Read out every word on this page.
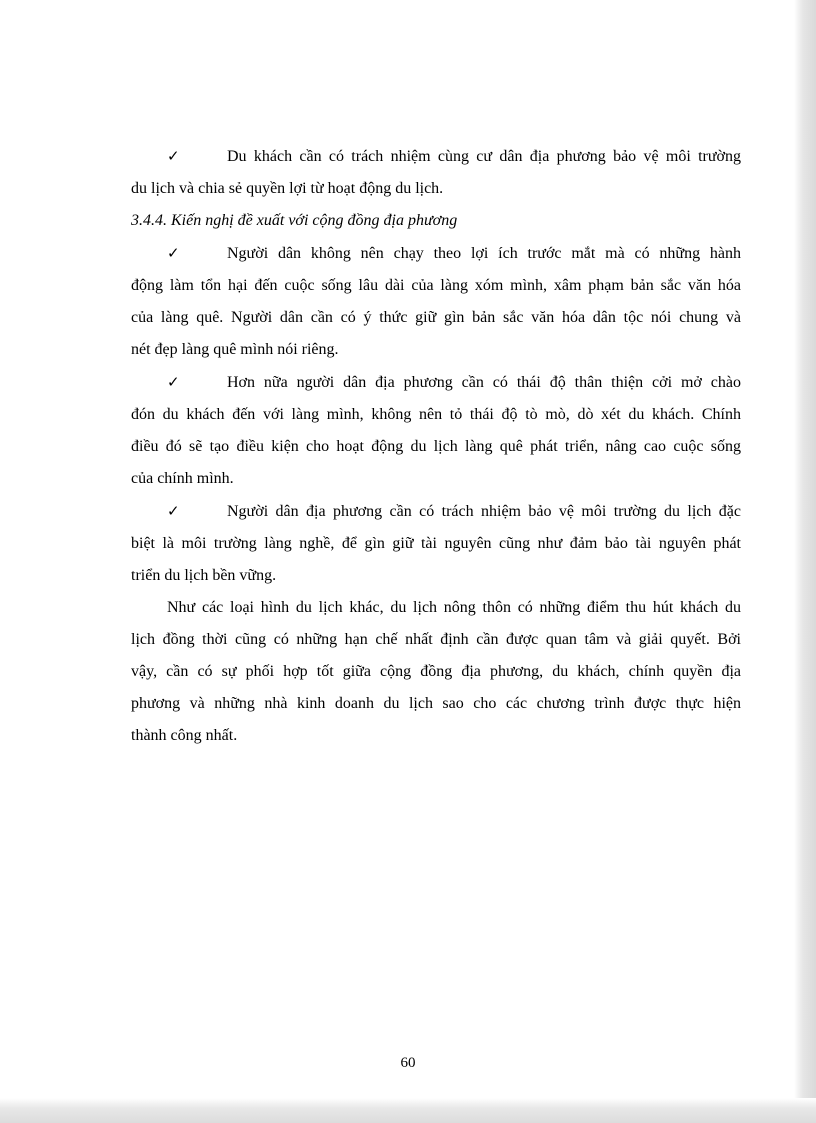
✓	Du khách cần có trách nhiệm cùng cư dân địa phương bảo vệ môi trường
du lịch và chia sẻ quyền lợi từ hoạt động du lịch.
3.4.4. Kiến nghị đề xuất với cộng đồng địa phương
✓	Người dân không nên chạy theo lợi ích trước mắt mà có những hành
động làm tổn hại đến cuộc sống lâu dài của làng xóm mình, xâm phạm bản sắc văn hóa
của làng quê. Người dân cần có ý thức giữ gìn bản sắc văn hóa dân tộc nói chung và
nét đẹp làng quê mình nói riêng.
✓	Hơn nữa người dân địa phương cần có thái độ thân thiện cởi mở chào
đón du khách đến với làng mình, không nên tỏ thái độ tò mò, dò xét du khách. Chính
điều đó sẽ tạo điều kiện cho hoạt động du lịch làng quê phát triển, nâng cao cuộc sống
của chính mình.
✓	Người dân địa phương cần có trách nhiệm bảo vệ môi trường du lịch đặc
biệt là môi trường làng nghề, để gìn giữ tài nguyên cũng như đảm bảo tài nguyên phát
triển du lịch bền vững.
Như các loại hình du lịch khác, du lịch nông thôn có những điểm thu hút khách du
lịch đồng thời cũng có những hạn chế nhất định cần được quan tâm và giải quyết. Bởi
vậy, cần có sự phối hợp tốt giữa cộng đồng địa phương, du khách, chính quyền địa
phương và những nhà kinh doanh du lịch sao cho các chương trình được thực hiện
thành công nhất.
60
